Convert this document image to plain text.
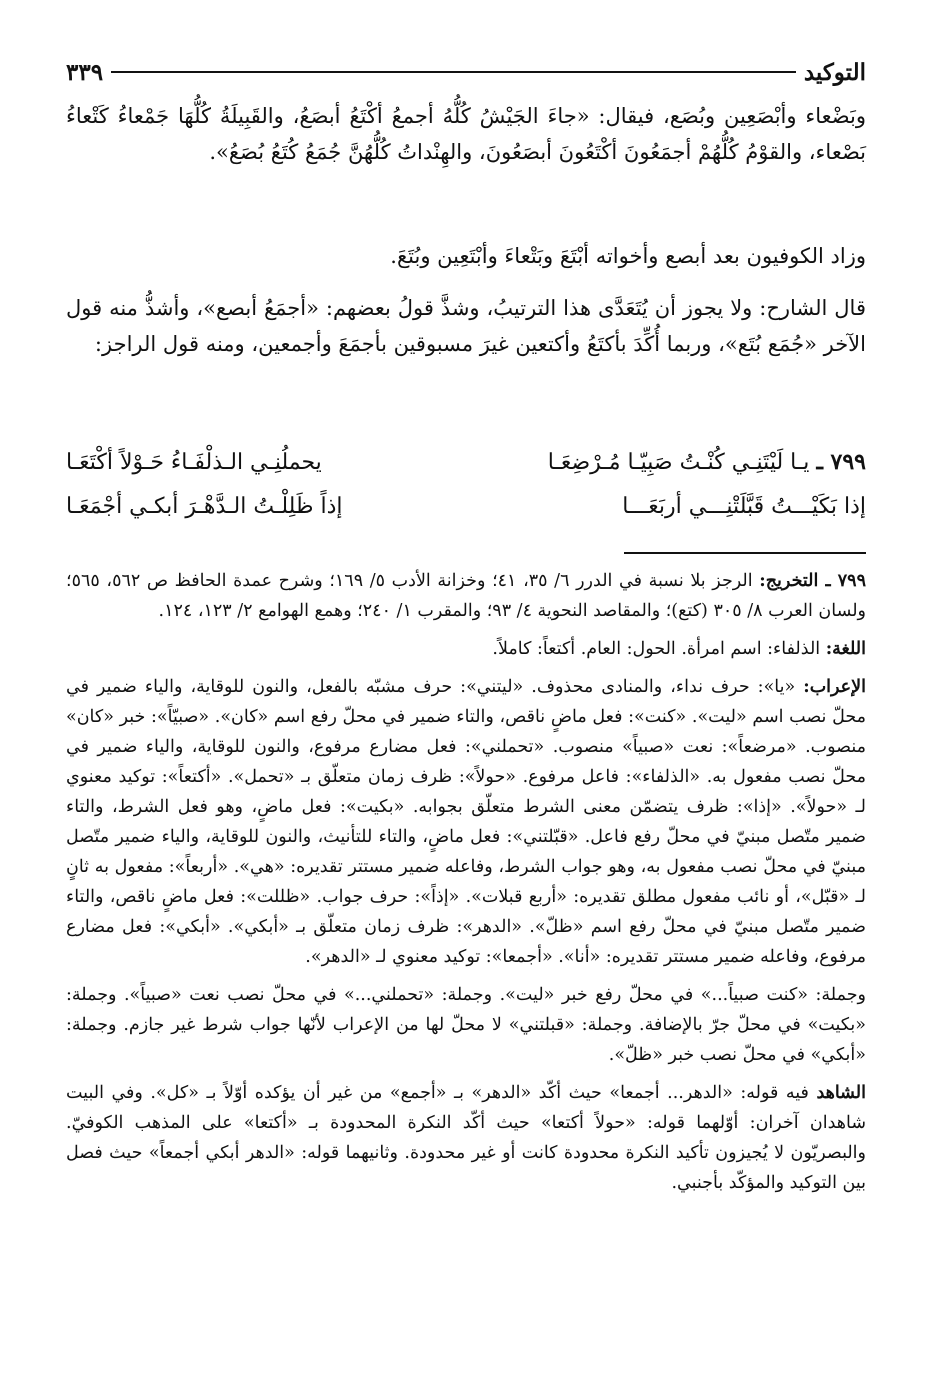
التوكيد
٣٣٩

وبَضْعاء وأبْصَعِين وبُصَع، فيقال: «جاءَ الجَيْشُ كُلُّهُ أجمعُ أكْتَعُ أبصَعُ، والقَبِيلَةُ كُلُّهَا جَمْعاءُ كَتْعاءُ بَصْعاء، والقوْمُ كُلُّهُمْ أجمَعُونَ أكْتَعُونَ أبصَعُونَ، والهِنْداتُ كُلُّهُنَّ جُمَعُ كُتَعُ بُصَعُ».

وزاد الكوفيون بعد أبصع وأخواته أبْتَعَ وبَتْعاءَ وأبْتَعِين وبُتَعَ.

قال الشارح: ولا يجوز أن يُتَعَدَّى هذا الترتيبُ، وشذَّ قولُ بعضهم: «أجمَعُ أبصع»، وأشذُّ منه قول الآخر «جُمَع بُتَع»، وربما أُكِّدَ بأكتَعُ وأكتعين غيرَ مسبوقين بأجمَعَ وأجمعين، ومنه قول الراجز:

٧٩٩ ـ يـا لَيْتَنِـي كُنْـتُ صَبِيّـا مُـرْضِعَـا
يحملُنِـي الـذلْفَـاءُ حَـوْلاً أكْتَعَـا
إذا بَكَيْـــتُ قَبَّلَتْنِـــي أربَعَـــا
إذاً ظَلِلْـتُ الـدَّهْـرَ أبكـي أجْمَعَـا

٧٩٩ ـ التخريج: الرجز بلا نسبة في الدرر ٦/ ٣٥، ٤١؛ وخزانة الأدب ٥/ ١٦٩؛ وشرح عمدة الحافظ ص ٥٦٢، ٥٦٥؛ ولسان العرب ٨/ ٣٠٥ (كتع)؛ والمقاصد النحوية ٤/ ٩٣؛ والمقرب ١/ ٢٤٠؛ وهمع الهوامع ٢/ ١٢٣، ١٢٤.

اللغة: الذلفاء: اسم امرأة. الحول: العام. أكتعاً: كاملاً.

الإعراب: «يا»: حرف نداء، والمنادى محذوف. «ليتني»: حرف مشبّه بالفعل، والنون للوقاية، والياء ضمير في محلّ نصب اسم «ليت». «كنت»: فعل ماضٍ ناقص، والتاء ضمير في محلّ رفع اسم «كان». «صبيّاً»: خبر «كان» منصوب. «مرضعاً»: نعت «صبياً» منصوب. «تحملني»: فعل مضارع مرفوع، والنون للوقاية، والياء ضمير في محلّ نصب مفعول به. «الذلفاء»: فاعل مرفوع. «حولاً»: ظرف زمان متعلّق بـ «تحمل». «أكتعاً»: توكيد معنوي لـ «حولاً». «إذا»: ظرف يتضمّن معنى الشرط متعلّق بجوابه. «بكيت»: فعل ماضٍ، وهو فعل الشرط، والتاء ضمير متّصل مبنيّ في محلّ رفع فاعل. «قبّلتني»: فعل ماضٍ، والتاء للتأنيث، والنون للوقاية، والياء ضمير متّصل مبنيّ في محلّ نصب مفعول به، وهو جواب الشرط، وفاعله ضمير مستتر تقديره: «هي». «أربعاً»: مفعول به ثانٍ لـ «قبّل»، أو نائب مفعول مطلق تقديره: «أربع قبلات». «إذاً»: حرف جواب. «ظللت»: فعل ماضٍ ناقص، والتاء ضمير متّصل مبنيّ في محلّ رفع اسم «ظلّ». «الدهر»: ظرف زمان متعلّق بـ «أبكي». «أبكي»: فعل مضارع مرفوع، وفاعله ضمير مستتر تقديره: «أنا». «أجمعا»: توكيد معنوي لـ «الدهر».

وجملة: «كنت صبياً...» في محلّ رفع خبر «ليت». وجملة: «تحملني...» في محلّ نصب نعت «صبياً». وجملة: «بكيت» في محلّ جرّ بالإضافة. وجملة: «قبلتني» لا محلّ لها من الإعراب لأنّها جواب شرط غير جازم. وجملة: «أبكي» في محلّ نصب خبر «ظلّ».

الشاهد فيه قوله: «الدهر... أجمعا» حيث أكّد «الدهر» بـ «أجمع» من غير أن يؤكده أوّلاً بـ «كل». وفي البيت شاهدان آخران: أوّلهما قوله: «حولاً أكتعا» حيث أكّد النكرة المحدودة بـ «أكتعا» على المذهب الكوفيّ. والبصريّون لا يُجيزون تأكيد النكرة محدودة كانت أو غير محدودة. وثانيهما قوله: «الدهر أبكي أجمعاً» حيث فصل بين التوكيد والمؤكّد بأجنبي.
